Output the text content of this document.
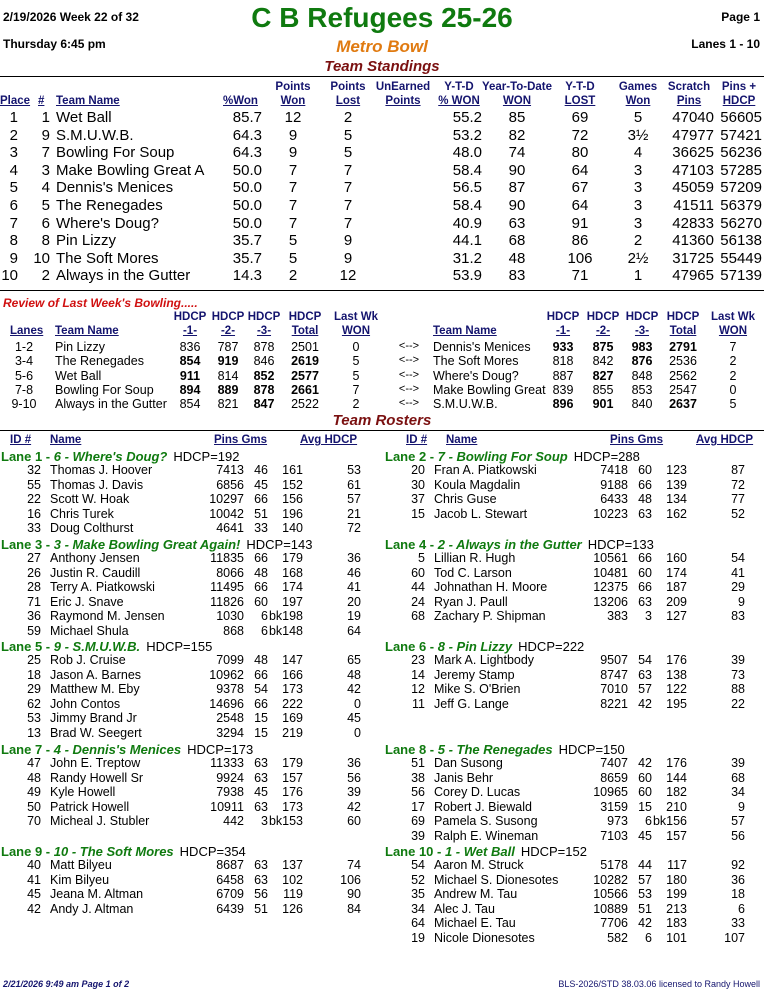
2/19/2026 Week 22 of 32	C B Refugees 25-26	Page 1
Thursday 6:45 pm	Metro Bowl	Lanes 1 - 10
Team Standings
Place # Team Name	%Won
Points
Won
Points
Lost
UnEarned
Points
Y-T-D
% WON
Year-To-Date
WON
Y-T-D
LOST
Games
Won
Scratch
Pins
Pins +
HDCP
1	1 Wet Ball	85.7	12	2	55.2	85	69	5	47040 56605
2	9 S.M.U.W.B.	64.3	9	5	53.2	82	72	3½	47977 57421
3	7 Bowling For Soup	64.3	9	5	48.0	74	80	4	36625 56236
4	3 Make Bowling Great A	50.0	7	7	58.4	90	64	3	47103 57285
5	4 Dennis's Menices	50.0	7	7	56.5	87	67	3	45059 57209
6	5 The Renegades	50.0	7	7	58.4	90	64	3	41511 56379
7	6 Where's Doug?	50.0	7	7	40.9	63	91	3	42833 56270
8	8 Pin Lizzy	35.7	5	9	44.1	68	86	2	41360 56138
9 10 The Soft Mores	35.7	5	9	31.2	48	106	2½	31725 55449
10	2 Always in the Gutter	14.3	2	12	53.9	83	71	1	47965 57139
Review of Last Week's Bowling.....
Lanes Team Name
HDCP
-1-
HDCP
-2-
HDCP
-3-
HDCP
Total
Last Wk
WON	Team Name
HDCP
-1-
HDCP
-2-
HDCP
-3-
HDCP
Total
Last Wk
WON
1-2	Pin Lizzy	836	787	878	2501	0	<-->	Dennis's Menices	933	875	983	2791	7
3-4	The Renegades	854	919	846	2619	5	<-->	The Soft Mores	818	842	876	2536	2
5-6	Wet Ball	911	814	852	2577	5	<-->	Where's Doug?	887	827	848	2562	2
7-8	Bowling For Soup	894	889	878	2661	7	<-->	Make Bowling Great 839	855	853	2547	0
9-10	Always in the Gutter	854	821	847	2522	2	<-->	S.M.U.W.B.	896	901	840	2637	5
Team Rosters
ID # Name	Pins Gms	Avg HDCP	ID # Name	Pins Gms	Avg HDCP
Lane 1 - 6 - Where's Doug? HDCP=192
32 Thomas J. Hoover	7413 46	161	53
55 Thomas J. Davis	6856 45	152	61
22 Scott W. Hoak	10297 66	156	57
16 Chris Turek	10042 51	196	21
33 Doug Colthurst	4641 33	140	72
Lane 2 - 7 - Bowling For Soup HDCP=288
20 Fran A. Piatkowski	7418 60	123	87
30 Koula Magdalin	9188 66	139	72
37 Chris Guse	6433 48	134	77
15 Jacob L. Stewart	10223 63	162	52
Lane 3 - 3 - Make Bowling Great Again! HDCP=143
27 Anthony Jensen	11835 66	179	36
26 Justin R. Caudill	8066 48	168	46
28 Terry A. Piatkowski	11495 66	174	41
71 Eric J. Snave	11826 60	197	20
36 Raymond M. Jensen	1030	6 bk198	19
59 Michael Shula	868	6 bk148	64
Lane 4 - 2 - Always in the Gutter HDCP=133
5 Lillian R. Hugh	10561 66	160	54
60 Tod C. Larson	10481 60	174	41
44 Johnathan H. Moore	12375 66	187	29
24 Ryan J. Paull	13206 63	209	9
68 Zachary P. Shipman	383	3	127	83
Lane 5 - 9 - S.M.U.W.B. HDCP=155
25 Rob J. Cruise	7099 48	147	65
18 Jason A. Barnes	10962 66	166	48
29 Matthew M. Eby	9378 54	173	42
62 John Contos	14696 66	222	0
53 Jimmy Brand Jr	2548 15	169	45
13 Brad W. Seegert	3294 15	219	0
Lane 6 - 8 - Pin Lizzy HDCP=222
23 Mark A. Lightbody	9507 54	176	39
14 Jeremy Stamp	8747 63	138	73
12 Mike S. O'Brien	7010 57	122	88
11 Jeff G. Lange	8221 42	195	22
Lane 7 - 4 - Dennis's Menices HDCP=173
47 John E. Treptow	11333 63	179	36
48 Randy Howell Sr	9924 63	157	56
49 Kyle Howell	7938 45	176	39
50 Patrick Howell	10911 63	173	42
70 Micheal J. Stubler	442	3 bk153	60
Lane 8 - 5 - The Renegades HDCP=150
51 Dan Susong	7407 42	176	39
38 Janis Behr	8659 60	144	68
56 Corey D. Lucas	10965 60	182	34
17 Robert J. Biewald	3159 15	210	9
69 Pamela S. Susong	973	6 bk156	57
39 Ralph E. Wineman	7103 45	157	56
Lane 9 - 10 - The Soft Mores HDCP=354
40 Matt Bilyeu	8687 63	137	74
41 Kim Bilyeu	6458 63	102	106
45 Jeana M. Altman	6709 56	119	90
42 Andy J. Altman	6439 51	126	84
Lane 10 - 1 - Wet Ball HDCP=152
54 Aaron M. Struck	5178 44	117	92
52 Michael S. Dionesotes	10282 57	180	36
35 Andrew M. Tau	10566 53	199	18
34 Alec J. Tau	10889 51	213	6
64 Michael E. Tau	7706 42	183	33
19 Nicole Dionesotes	582	6	101	107
2/21/2026 9:49 am Page 1 of 2	BLS-2026/STD 38.03.06 licensed to Randy Howell
